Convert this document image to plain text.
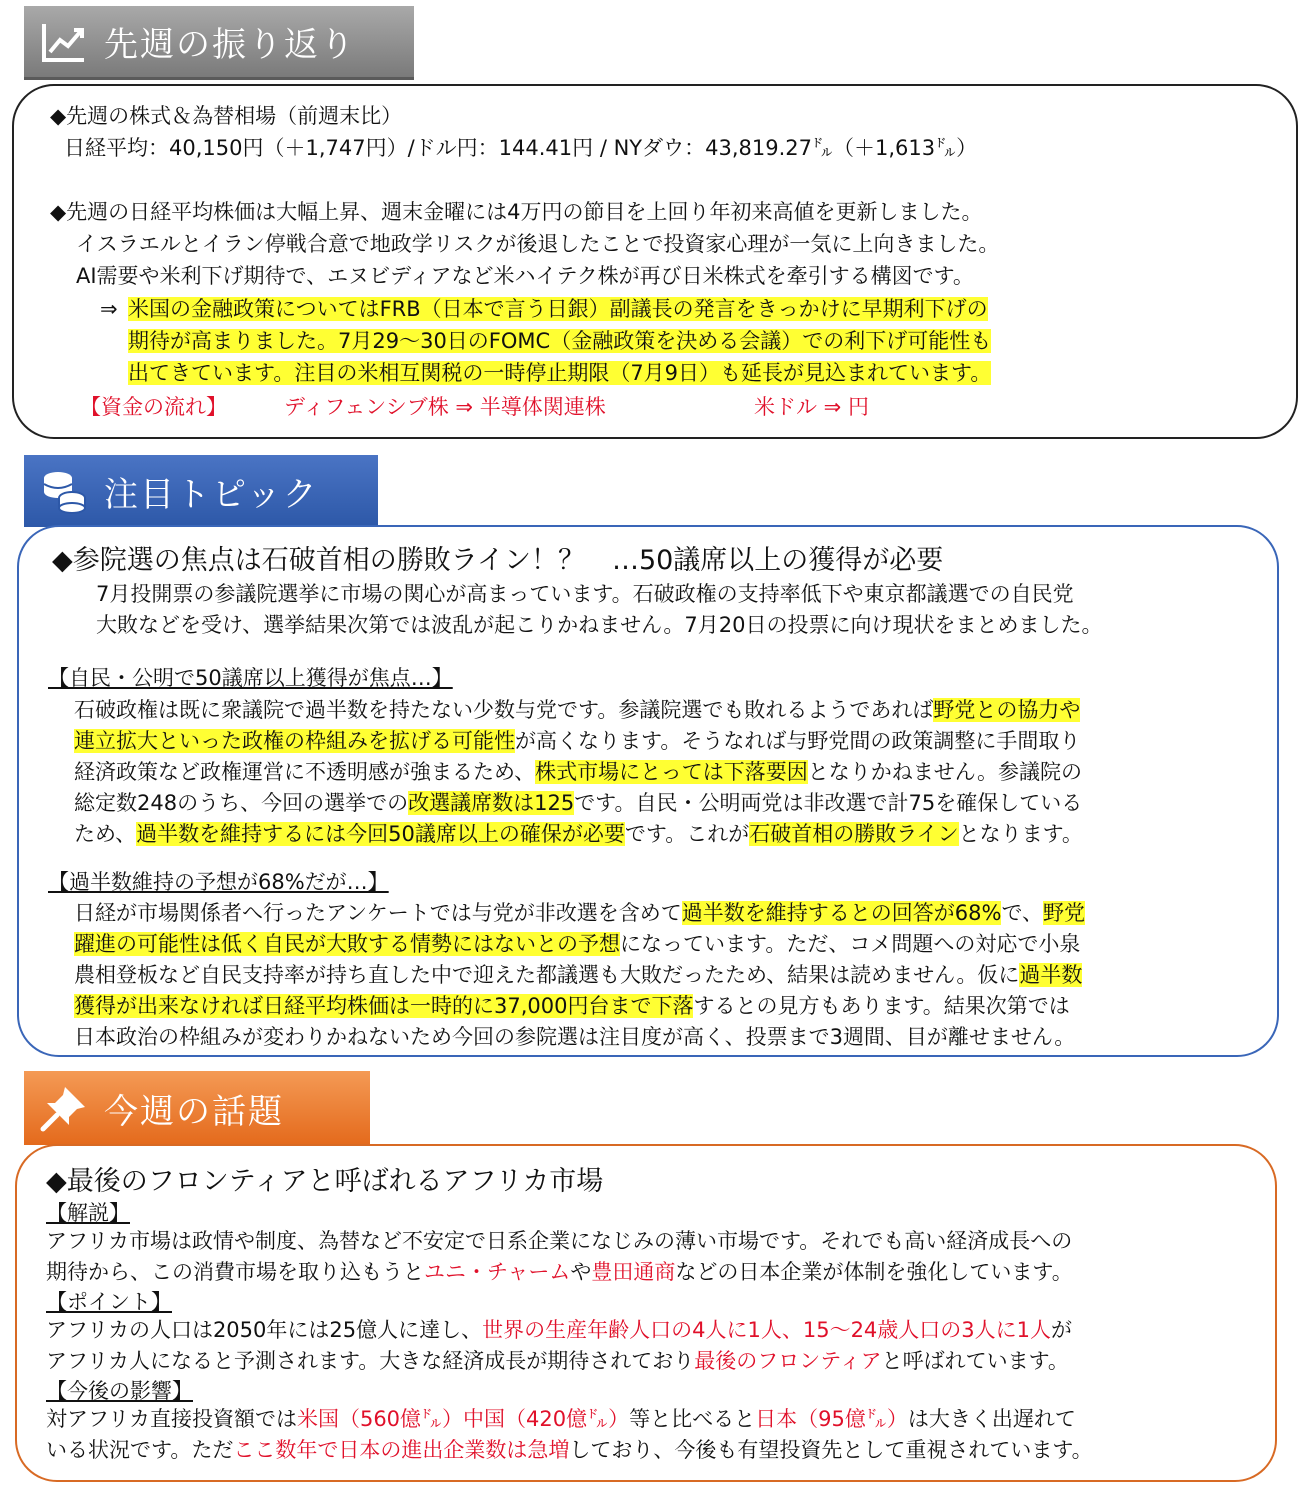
先週の振り返り
◆先週の株式＆為替相場（前週末比）
日経平均：40,150円（＋1,747円）/ドル円：144.41円 / NYダウ：43,819.27㌦（＋1,613㌦）
◆先週の日経平均株価は大幅上昇、週末金曜には4万円の節目を上回り年初来高値を更新しました。
イスラエルとイラン停戦合意で地政学リスクが後退したことで投資家心理が一気に上向きました。
AI需要や米利下げ期待で、エヌビディアなど米ハイテク株が再び日米株式を牽引する構図です。
⇒ 米国の金融政策についてはFRB（日本で言う日銀）副議長の発言をきっかけに早期利下げの
期待が高まりました。7月29～30日のFOMC（金融政策を決める会議）での利下げ可能性も
出てきています。注目の米相互関税の一時停止期限（7月9日）も延長が見込まれています。
【資金の流れ】	ディフェンシブ株 ⇒ 半導体関連株	米ドル ⇒ 円
注目トピック
◆参院選の焦点は石破首相の勝敗ライン！？　…50議席以上の獲得が必要
7月投開票の参議院選挙に市場の関心が高まっています。石破政権の支持率低下や東京都議選での自民党
大敗などを受け、選挙結果次第では波乱が起こりかねません。7月20日の投票に向け現状をまとめました。
【自民・公明で50議席以上獲得が焦点…】
石破政権は既に衆議院で過半数を持たない少数与党です。参議院選でも敗れるようであれば野党との協力や
連立拡大といった政権の枠組みを拡げる可能性が高くなります。そうなれば与野党間の政策調整に手間取り
経済政策など政権運営に不透明感が強まるため、株式市場にとっては下落要因となりかねません。参議院の
総定数248のうち、今回の選挙での改選議席数は125です。自民・公明両党は非改選で計75を確保している
ため、過半数を維持するには今回50議席以上の確保が必要です。これが石破首相の勝敗ラインとなります。
【過半数維持の予想が68%だが…】
日経が市場関係者へ行ったアンケートでは与党が非改選を含めて過半数を維持するとの回答が68%で、野党
躍進の可能性は低く自民が大敗する情勢にはないとの予想になっています。ただ、コメ問題への対応で小泉
農相登板など自民支持率が持ち直した中で迎えた都議選も大敗だったため、結果は読めません。仮に過半数
獲得が出来なければ日経平均株価は一時的に37,000円台まで下落するとの見方もあります。結果次第では
日本政治の枠組みが変わりかねないため今回の参院選は注目度が高く、投票まで3週間、目が離せません。
今週の話題
◆最後のフロンティアと呼ばれるアフリカ市場
【解説】
アフリカ市場は政情や制度、為替など不安定で日系企業になじみの薄い市場です。それでも高い経済成長への
期待から、この消費市場を取り込もうとユニ・チャームや豊田通商などの日本企業が体制を強化しています。
【ポイント】
アフリカの人口は2050年には25億人に達し、世界の生産年齢人口の4人に1人、15～24歳人口の3人に1人が
アフリカ人になると予測されます。大きな経済成長が期待されており最後のフロンティアと呼ばれています。
【今後の影響】
対アフリカ直接投資額では米国（560億㌦）中国（420億㌦）等と比べると日本（95億㌦）は大きく出遅れて
いる状況です。ただここ数年で日本の進出企業数は急増しており、今後も有望投資先として重視されています。
